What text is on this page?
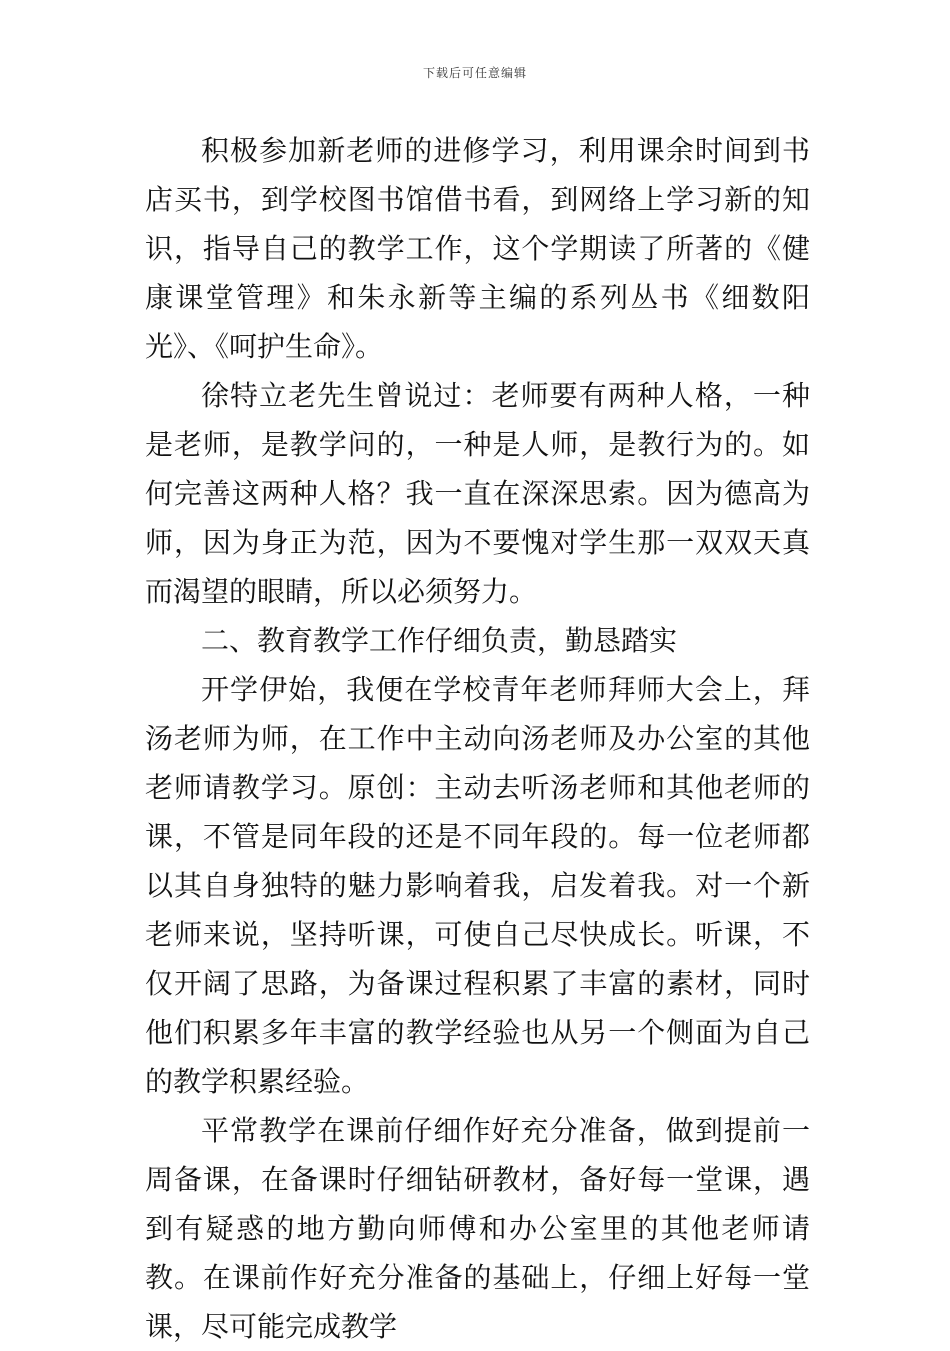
下载后可任意编辑

积极参加新老师的进修学习，利用课余时间到书店买书，到学校图书馆借书看，到网络上学习新的知识，指导自己的教学工作，这个学期读了所著的《健康课堂管理》和朱永新等主编的系列丛书《细数阳光》、《呵护生命》。

徐特立老先生曾说过：老师要有两种人格，一种是老师，是教学问的，一种是人师，是教行为的。如何完善这两种人格？我一直在深深思索。因为德高为师，因为身正为范，因为不要愧对学生那一双双天真而渴望的眼睛，所以必须努力。

二、教育教学工作仔细负责，勤恳踏实

开学伊始，我便在学校青年老师拜师大会上，拜汤老师为师，在工作中主动向汤老师及办公室的其他老师请教学习。原创：主动去听汤老师和其他老师的课，不管是同年段的还是不同年段的。每一位老师都以其自身独特的魅力影响着我，启发着我。对一个新老师来说，坚持听课，可使自己尽快成长。听课，不仅开阔了思路，为备课过程积累了丰富的素材，同时他们积累多年丰富的教学经验也从另一个侧面为自己的教学积累经验。

平常教学在课前仔细作好充分准备，做到提前一周备课，在备课时仔细钻研教材，备好每一堂课，遇到有疑惑的地方勤向师傅和办公室里的其他老师请教。在课前作好充分准备的基础上，仔细上好每一堂课，尽可能完成教学
